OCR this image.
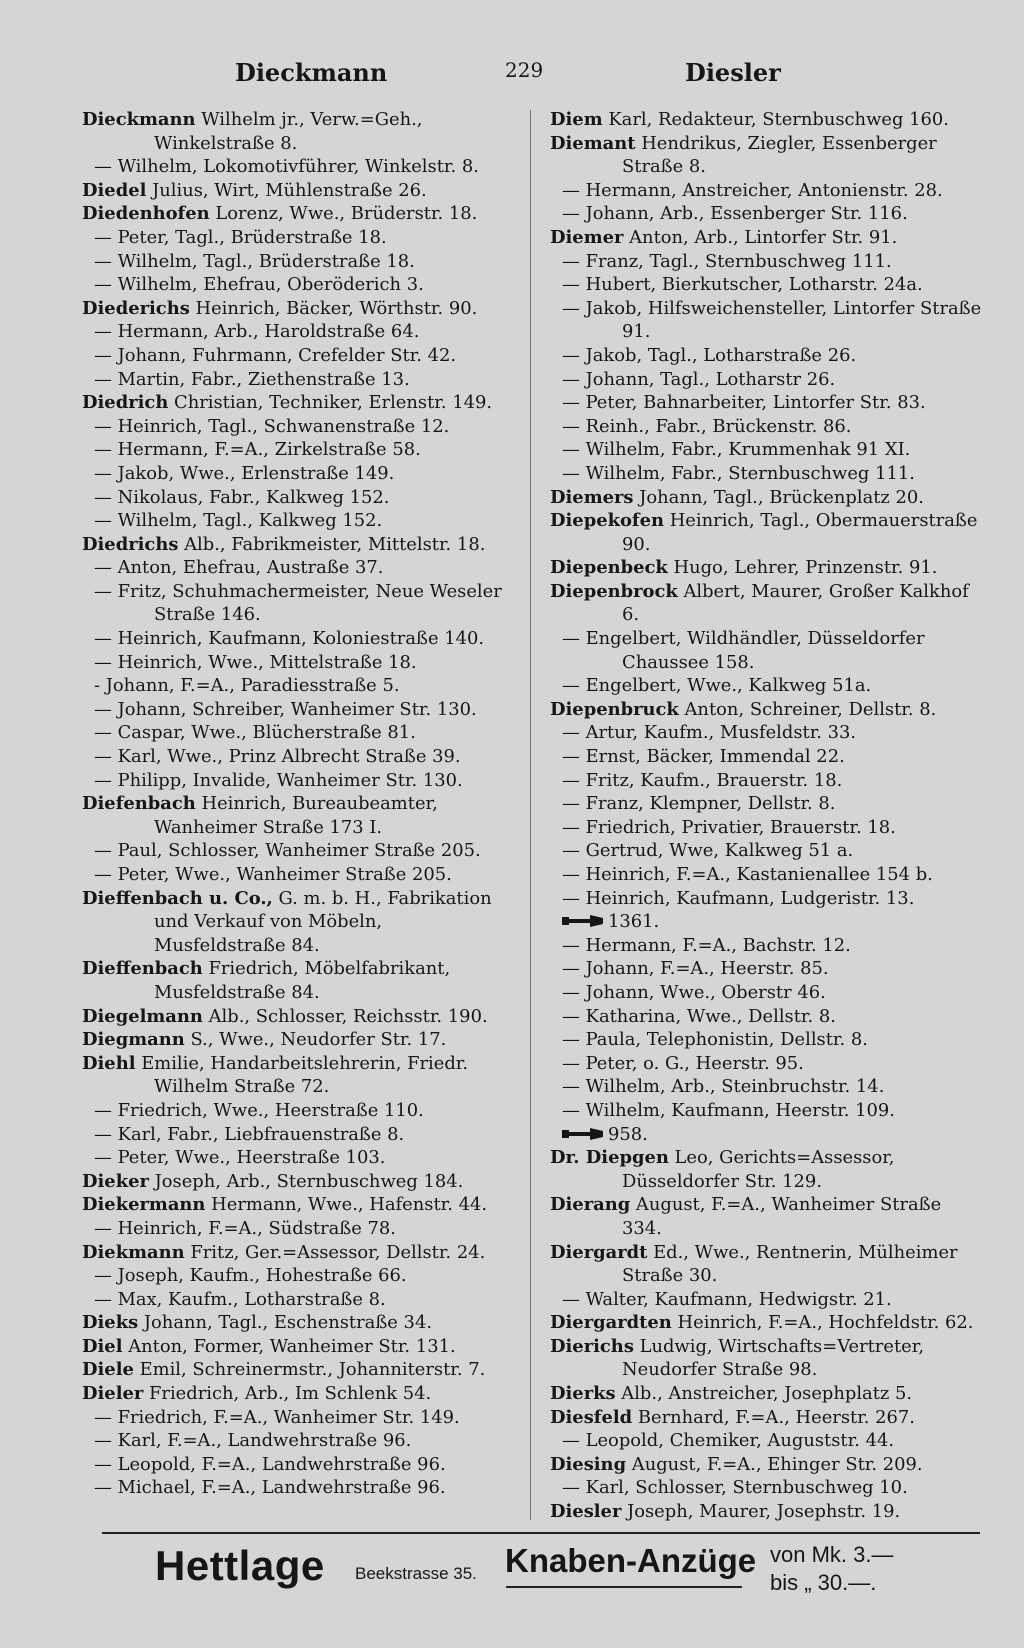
Dieckmann	229	Diesler

Dieckmann Wilhelm jr., Verw.=Geh., Winkelstraße 8.

— Wilhelm, Lokomotivführer, Winkelstr. 8.

Diedel Julius, Wirt, Mühlenstraße 26.

Diedenhofen Lorenz, Wwe., Brüderstr. 18.

— Peter, Tagl., Brüderstraße 18.

— Wilhelm, Tagl., Brüderstraße 18.

— Wilhelm, Ehefrau, Oberöderich 3.

Diederichs Heinrich, Bäcker, Wörthstr. 90.

— Hermann, Arb., Haroldstraße 64.

— Johann, Fuhrmann, Crefelder Str. 42.

— Martin, Fabr., Ziethenstraße 13.

Diedrich Christian, Techniker, Erlenstr. 149.

— Heinrich, Tagl., Schwanenstraße 12.

— Hermann, F.=A., Zirkelstraße 58.

— Jakob, Wwe., Erlenstraße 149.

— Nikolaus, Fabr., Kalkweg 152.

— Wilhelm, Tagl., Kalkweg 152.

Diedrichs Alb., Fabrikmeister, Mittelstr. 18.

— Anton, Ehefrau, Austraße 37.

— Fritz, Schuhmachermeister, Neue Weseler Straße 146.

— Heinrich, Kaufmann, Koloniestraße 140.

— Heinrich, Wwe., Mittelstraße 18.

- Johann, F.=A., Paradiesstraße 5.

— Johann, Schreiber, Wanheimer Str. 130.

— Caspar, Wwe., Blücherstraße 81.

— Karl, Wwe., Prinz Albrecht Straße 39.

— Philipp, Invalide, Wanheimer Str. 130.

Diefenbach Heinrich, Bureaubeamter, Wanheimer Straße 173 I.

— Paul, Schlosser, Wanheimer Straße 205.

— Peter, Wwe., Wanheimer Straße 205.

Dieffenbach u. Co., G. m. b. H., Fabrikation und Verkauf von Möbeln, Musfeldstraße 84.

Dieffenbach Friedrich, Möbelfabrikant, Musfeldstraße 84.

Diegelmann Alb., Schlosser, Reichsstr. 190.

Diegmann S., Wwe., Neudorfer Str. 17.

Diehl Emilie, Handarbeitslehrerin, Friedr. Wilhelm Straße 72.

— Friedrich, Wwe., Heerstraße 110.

— Karl, Fabr., Liebfrauenstraße 8.

— Peter, Wwe., Heerstraße 103.

Dieker Joseph, Arb., Sternbuschweg 184.

Diekermann Hermann, Wwe., Hafenstr. 44.

— Heinrich, F.=A., Südstraße 78.

Diekmann Fritz, Ger.=Assessor, Dellstr. 24.

— Joseph, Kaufm., Hohestraße 66.

— Max, Kaufm., Lotharstraße 8.

Dieks Johann, Tagl., Eschenstraße 34.

Diel Anton, Former, Wanheimer Str. 131.

Diele Emil, Schreinermstr., Johanniterstr. 7.

Dieler Friedrich, Arb., Im Schlenk 54.

— Friedrich, F.=A., Wanheimer Str. 149.

— Karl, F.=A., Landwehrstraße 96.

— Leopold, F.=A., Landwehrstraße 96.

— Michael, F.=A., Landwehrstraße 96.

Diem Karl, Redakteur, Sternbuschweg 160.

Diemant Hendrikus, Ziegler, Essenberger Straße 8.

— Hermann, Anstreicher, Antonienstr. 28.

— Johann, Arb., Essenberger Str. 116.

Diemer Anton, Arb., Lintorfer Str. 91.

— Franz, Tagl., Sternbuschweg 111.

— Hubert, Bierkutscher, Lotharstr. 24a.

— Jakob, Hilfsweichensteller, Lintorfer Straße 91.

— Jakob, Tagl., Lotharstraße 26.

— Johann, Tagl., Lotharstr 26.

— Peter, Bahnarbeiter, Lintorfer Str. 83.

— Reinh., Fabr., Brückenstr. 86.

— Wilhelm, Fabr., Krummenhak 91 XI.

— Wilhelm, Fabr., Sternbuschweg 111.

Diemers Johann, Tagl., Brückenplatz 20.

Diepekofen Heinrich, Tagl., Obermauerstraße 90.

Diepenbeck Hugo, Lehrer, Prinzenstr. 91.

Diepenbrock Albert, Maurer, Großer Kalkhof 6.

— Engelbert, Wildhändler, Düsseldorfer Chaussee 158.

— Engelbert, Wwe., Kalkweg 51a.

Diepenbruck Anton, Schreiner, Dellstr. 8.

— Artur, Kaufm., Musfeldstr. 33.

— Ernst, Bäcker, Immendal 22.

— Fritz, Kaufm., Brauerstr. 18.

— Franz, Klempner, Dellstr. 8.

— Friedrich, Privatier, Brauerstr. 18.

— Gertrud, Wwe, Kalkweg 51 a.

— Heinrich, F.=A., Kastanienallee 154 b.

— Heinrich, Kaufmann, Ludgeristr. 13.

1361.

— Hermann, F.=A., Bachstr. 12.

— Johann, F.=A., Heerstr. 85.

— Johann, Wwe., Oberstr 46.

— Katharina, Wwe., Dellstr. 8.

— Paula, Telephonistin, Dellstr. 8.

— Peter, o. G., Heerstr. 95.

— Wilhelm, Arb., Steinbruchstr. 14.

— Wilhelm, Kaufmann, Heerstr. 109.

958.

Dr. Diepgen Leo, Gerichts=Assessor, Düsseldorfer Str. 129.

Dierang August, F.=A., Wanheimer Straße 334.

Diergardt Ed., Wwe., Rentnerin, Mülheimer Straße 30.

— Walter, Kaufmann, Hedwigstr. 21.

Diergardten Heinrich, F.=A., Hochfeldstr. 62.

Dierichs Ludwig, Wirtschafts=Vertreter, Neudorfer Straße 98.

Dierks Alb., Anstreicher, Josephplatz 5.

Diesfeld Bernhard, F.=A., Heerstr. 267.

— Leopold, Chemiker, Auguststr. 44.

Diesing August, F.=A., Ehinger Str. 209.

— Karl, Schlosser, Sternbuschweg 10.

Diesler Joseph, Maurer, Josephstr. 19.

Hettlage Beekstrasse 35. Knaben-Anzüge von Mk. 3.—
bis „ 30.—.
